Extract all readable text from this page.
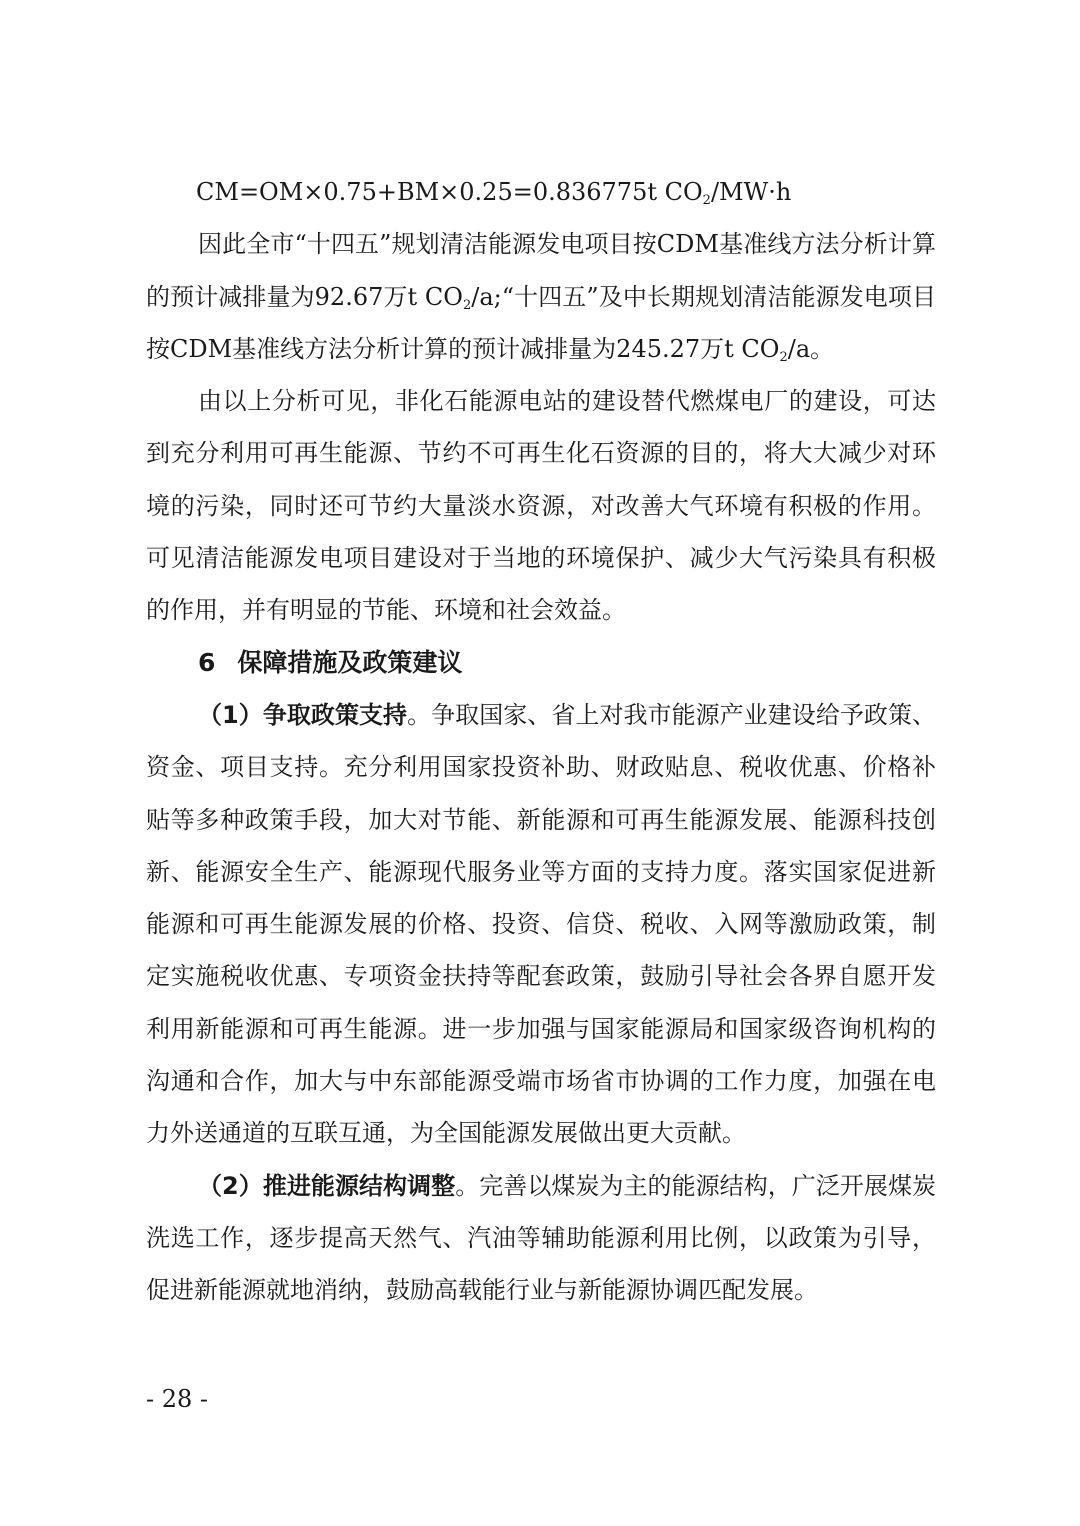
CM=OM×0.75+BM×0.25=0.836775t $CO_2/MW\cdot h$

因此全市“十四五”规划清洁能源发电项目按CDM基准线方法分析计算的预计减排量为92.67万t $CO_2/a;“$十四五”及中长期规划清洁能源发电项目按CDM基准线方法分析计算的预计减排量为245.27万t $CO_2/a$。

由以上分析可见，非化石能源电站的建设替代燃煤电厂的建设，可达到充分利用可再生能源、节约不可再生化石资源的目的，将大大减少对环境的污染，同时还可节约大量淡水资源，对改善大气环境有积极的作用。可见清洁能源发电项目建设对于当地的环境保护、减少大气污染具有积极的作用，并有明显的节能、环境和社会效益。

6 保障措施及政策建议

（1）争取政策支持。争取国家、省上对我市能源产业建设给予政策、资金、项目支持。充分利用国家投资补助、财政贴息、税收优惠、价格补贴等多种政策手段，加大对节能、新能源和可再生能源发展、能源科技创新、能源安全生产、能源现代服务业等方面的支持力度。落实国家促进新能源和可再生能源发展的价格、投资、信贷、税收、入网等激励政策，制定实施税收优惠、专项资金扶持等配套政策，鼓励引导社会各界自愿开发利用新能源和可再生能源。进一步加强与国家能源局和国家级咨询机构的沟通和合作，加大与中东部能源受端市场省市协调的工作力度，加强在电力外送通道的互联互通，为全国能源发展做出更大贡献。

（2）推进能源结构调整。完善以煤炭为主的能源结构，广泛开展煤炭洗选工作，逐步提高天然气、汽油等辅助能源利用比例，以政策为引导，促进新能源就地消纳，鼓励高载能行业与新能源协调匹配发展。

- 28 -
